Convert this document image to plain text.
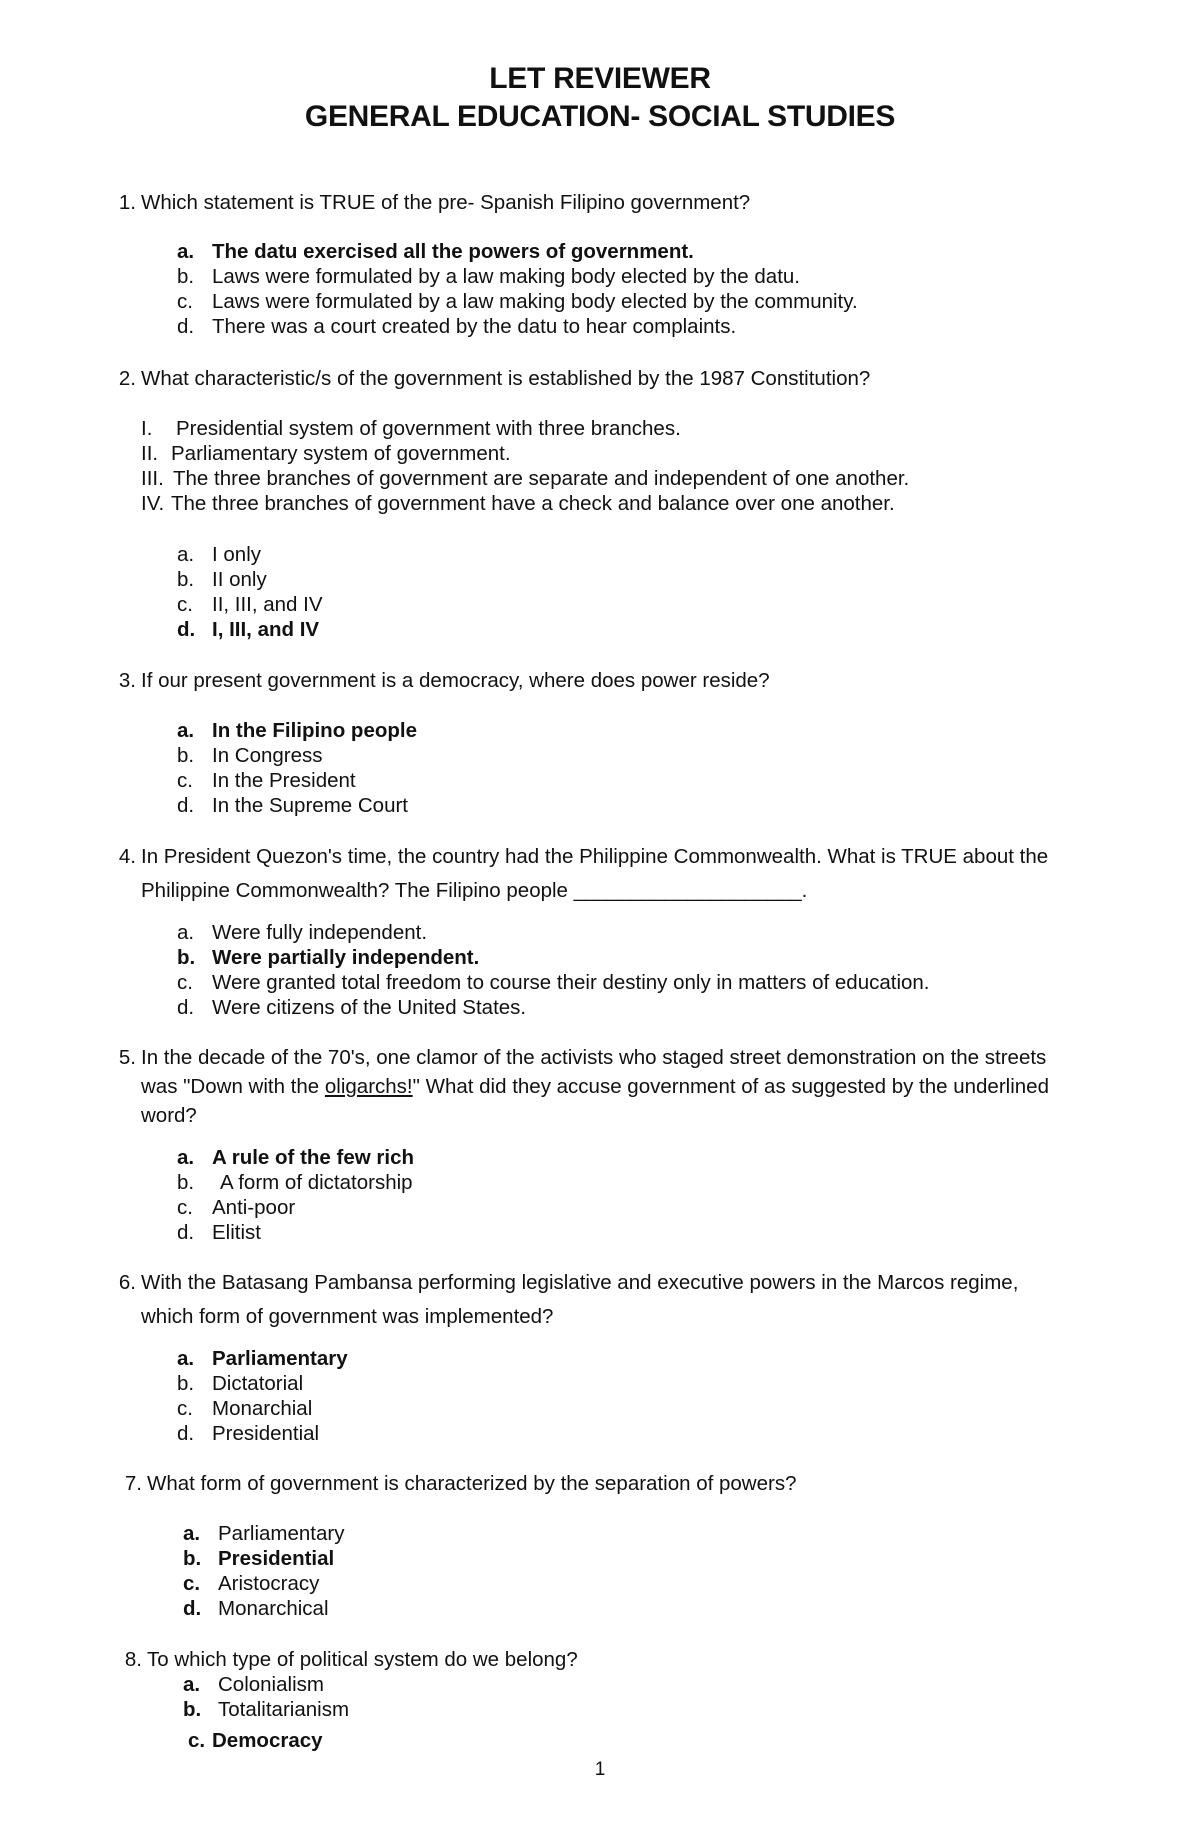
LET REVIEWER
GENERAL EDUCATION- SOCIAL STUDIES
1. Which statement is TRUE of the pre- Spanish Filipino government?
a. The datu exercised all the powers of government.
b. Laws were formulated by a law making body elected by the datu.
c. Laws were formulated by a law making body elected by the community.
d. There was a court created by the datu to hear complaints.
2. What characteristic/s of the government is established by the 1987 Constitution?
I. Presidential system of government with three branches.
II. Parliamentary system of government.
III. The three branches of government are separate and independent of one another.
IV. The three branches of government have a check and balance over one another.
a. I only
b. II only
c. II, III, and IV
d. I, III, and IV
3. If our present government is a democracy, where does power reside?
a. In the Filipino people
b. In Congress
c. In the President
d. In the Supreme Court
4. In President Quezon's time, the country had the Philippine Commonwealth. What is TRUE about the
Philippine Commonwealth? The Filipino people ____________________.
a. Were fully independent.
b. Were partially independent.
c. Were granted total freedom to course their destiny only in matters of education.
d. Were citizens of the United States.
5. In the decade of the 70's, one clamor of the activists who staged street demonstration on the streets
was "Down with the oligarchs!" What did they accuse government of as suggested by the underlined
word?
a. A rule of the few rich
b.	A form of dictatorship
c. Anti-poor
d. Elitist
6. With the Batasang Pambansa performing legislative and executive powers in the Marcos regime,
which form of government was implemented?
a. Parliamentary
b. Dictatorial
c. Monarchial
d. Presidential
7. What form of government is characterized by the separation of powers?
a. Parliamentary
b. Presidential
c. Aristocracy
d. Monarchical
8. To which type of political system do we belong?
a. Colonialism
b. Totalitarianism
c. Democracy
1
